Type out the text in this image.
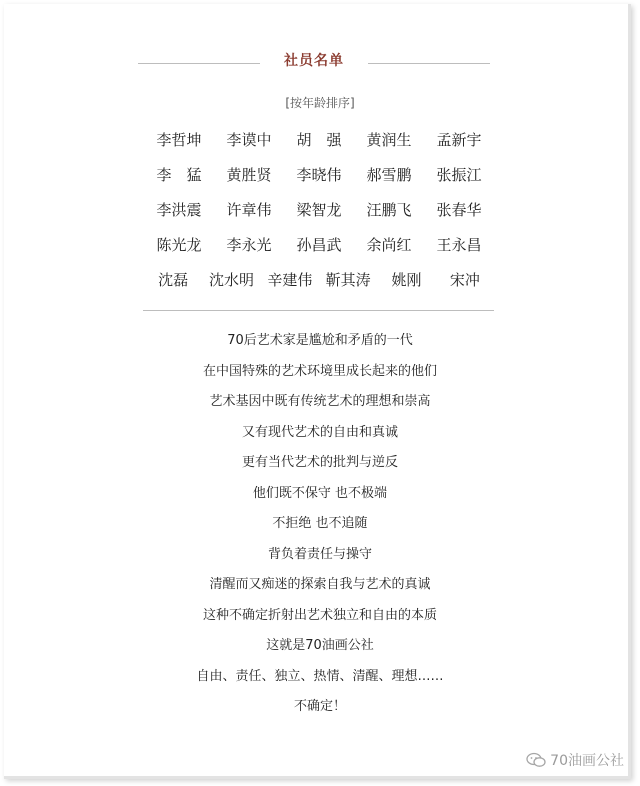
社员名单
[按年龄排序]
李哲坤	李谟中	胡　强	黄润生	孟新宇
李　猛	黄胜贤	李晓伟	郝雪鹏	张振江
李洪震	许章伟	梁智龙	汪鹏飞	张春华
陈光龙	李永光	孙昌武	余尚红	王永昌
沈磊	沈水明 辛建伟 靳其涛	姚刚	宋冲
70后艺术家是尴尬和矛盾的一代
在中国特殊的艺术环境里成长起来的他们
艺术基因中既有传统艺术的理想和崇高
又有现代艺术的自由和真诚
更有当代艺术的批判与逆反
他们既不保守 也不极端
不拒绝 也不追随
背负着责任与操守
清醒而又痴迷的探索自我与艺术的真诚
这种不确定折射出艺术独立和自由的本质
这就是70油画公社
自由、责任、独立、热情、清醒、理想……
不确定！
70油画公社
